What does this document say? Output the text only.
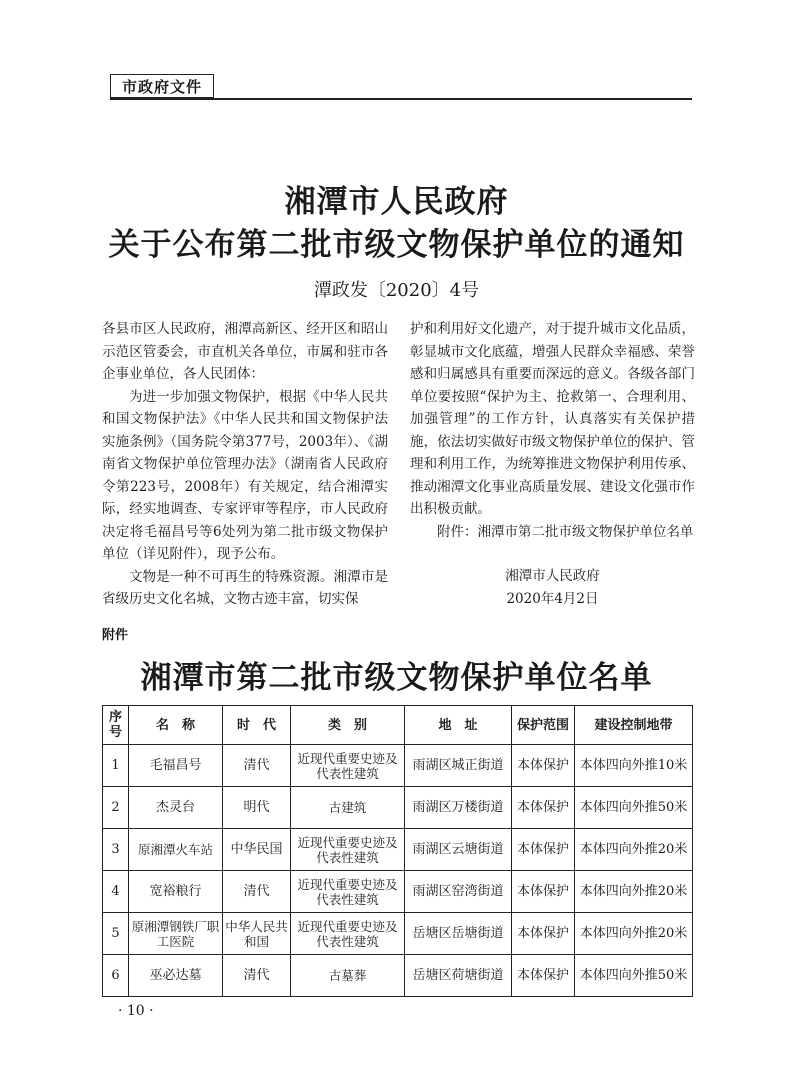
市政府文件
湘潭市人民政府
关于公布第二批市级文物保护单位的通知
潭政发〔2020〕4号

各县市区人民政府，湘潭高新区、经开区和昭山示范区管委会，市直机关各单位，市属和驻市各企事业单位，各人民团体：

为进一步加强文物保护，根据《中华人民共和国文物保护法》《中华人民共和国文物保护法实施条例》（国务院令第377号，2003年）、《湖南省文物保护单位管理办法》（湖南省人民政府令第223号，2008年）有关规定，结合湘潭实际，经实地调查、专家评审等程序，市人民政府决定将毛福昌号等6处列为第二批市级文物保护单位（详见附件），现予公布。

文物是一种不可再生的特殊资源。湘潭市是省级历史文化名城，文物古迹丰富，切实保

护和利用好文化遗产，对于提升城市文化品质，彰显城市文化底蕴，增强人民群众幸福感、荣誉感和归属感具有重要而深远的意义。各级各部门单位要按照“保护为主、抢救第一、合理利用、加强管理”的工作方针，认真落实有关保护措施，依法切实做好市级文物保护单位的保护、管理和利用工作，为统筹推进文物保护利用传承、推动湘潭文化事业高质量发展、建设文化强市作出积极贡献。

附件：湘潭市第二批市级文物保护单位名单

湘潭市人民政府
2020年4月2日
附件
湘潭市第二批市级文物保护单位名单
序号	名　称	时　代	类　别	地　址	保护范围	建设控制地带
1	毛福昌号	清代	近现代重要史迹及代表性建筑	雨湖区城正街道	本体保护	本体四向外推10米
2	杰灵台	明代	古建筑	雨湖区万楼街道	本体保护	本体四向外推50米
3	原湘潭火车站	中华民国	近现代重要史迹及代表性建筑	雨湖区云塘街道	本体保护	本体四向外推20米
4	宽裕粮行	清代	近现代重要史迹及代表性建筑	雨湖区窑湾街道	本体保护	本体四向外推20米
5	原湘潭钢铁厂职工医院	中华人民共和国	近现代重要史迹及代表性建筑	岳塘区岳塘街道	本体保护	本体四向外推20米
6	巫必达墓	清代	古墓葬	岳塘区荷塘街道	本体保护	本体四向外推50米
· 10 ·
